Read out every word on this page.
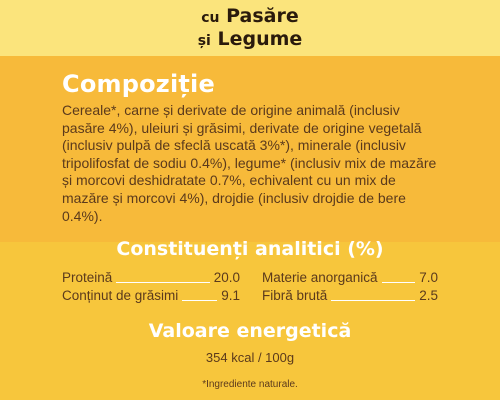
cu Pasăre
și Legume
Compoziție
Cereale*, carne și derivate de origine animală (inclusiv pasăre 4%), uleiuri și grăsimi, derivate de origine vegetală (inclusiv pulpă de sfeclă uscată 3%*), minerale (inclusiv tripolifosfat de sodiu 0.4%), legume* (inclusiv mix de mazăre și morcovi deshidratate 0.7%, echivalent cu un mix de mazăre și morcovi 4%), drojdie (inclusiv drojdie de bere 0.4%).
Constituenți analitici (%)
Proteină	20.0
Conținut de grăsimi	9.1
Materie anorganică	7.0
Fibră brută	2.5
Valoare energetică
354 kcal / 100g
*Ingrediente naturale.
